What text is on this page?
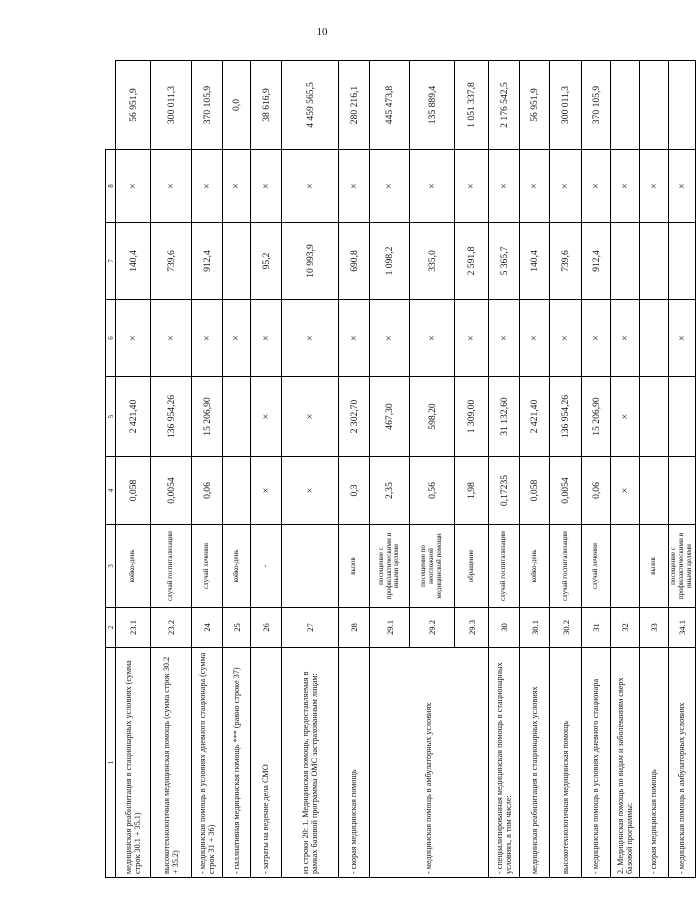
10
1	2	3	4	5	6	7	8	
медицинская реабилитация в стационарных условиях (сумма строк 30.1 + 35.1)	23.1	койко-день	0,058	2 421,40	×	140,4	×	56 951,9
высокотехнологичная медицинская помощь (сумма строк 30.2 + 35.2)	23.2	случай госпитализации	0,0054	136 954,26	×	739,6	×	300 011,3
- медицинская помощь в условиях дневного стационара (сумма строк 31 + 36)	24	случай лечения	0,06	15 206,90	×	912,4	×	370 105,9
- паллиативная медицинская помощь *** (равно строке 37)	25	койко-день			×		×	0,0
- затраты на ведение дела СМО	26	-	×	×	×	95,2	×	38 616,9
из строки 20: 1. Медицинская помощь, предоставляемая в рамках базовой программы ОМС застрахованным лицам:	27		×	×	×	10 993,9	×	4 459 565,5
- скорая медицинская помощь	28	вызов	0,3	2 302,70	×	690,8	×	280 216,1
- медицинская помощь в амбулаторных условиях	29.1	посещение с профилактическими и иными целями	2,35	467,30	×	1 098,2	×	445 473,8
	29.2	посещение по неотложной медицинской помощи	0,56	598,20	×	335,0	×	135 889,4
	29.3	обращение	1,98	1 309,00	×	2 591,8	×	1 051 337,8
- специализированная медицинская помощь в стационарных условиях, в том числе:	30	случай госпитализации	0,17235	31 132,60	×	5 365,7	×	2 176 542,5
медицинская реабилитация в стационарных условиях	30.1	койко-день	0,058	2 421,40	×	140,4	×	56 951,9
высокотехнологичная медицинская помощь	30.2	случай госпитализации	0,0054	136 954,26	×	739,6	×	300 011,3
- медицинская помощь в условиях дневного стационара	31	случай лечения	0,06	15 206,90	×	912,4	×	370 105,9
2. Медицинская помощь по видам и заболеваниям сверх базовой программы:	32		×	×	×		×	
- скорая медицинская помощь	33	вызов					×	
- медицинская помощь в амбулаторных условиях	34.1	посещение с профилактическими и иными целями			×		×	
